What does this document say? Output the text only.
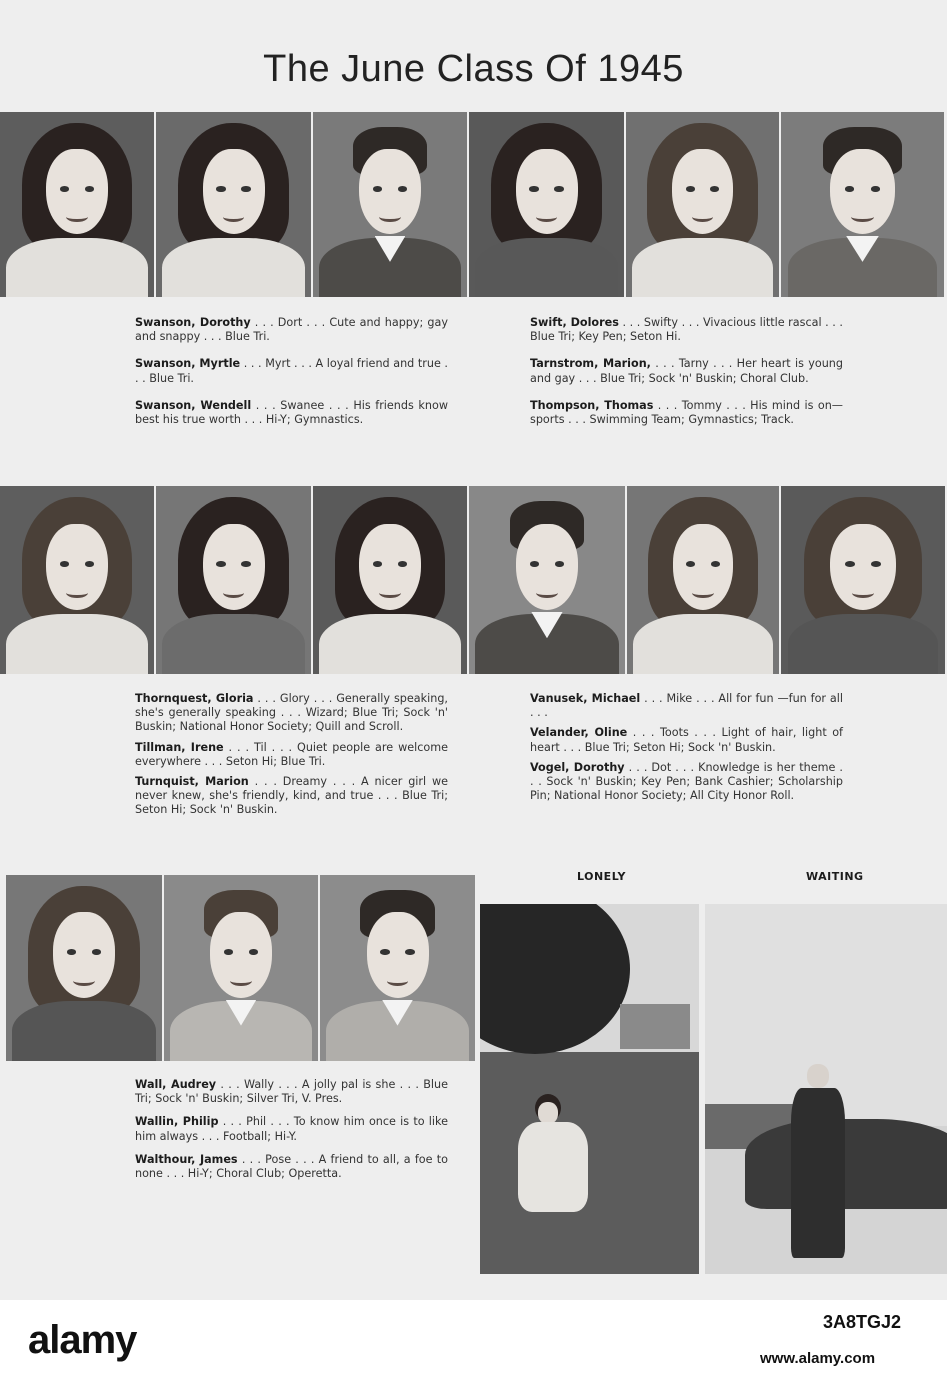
The June Class Of 1945
Swanson, Dorothy . . . Dort . . . Cute and happy; gay and snappy . . . Blue Tri.
Swanson, Myrtle . . . Myrt . . . A loyal friend and true . . . Blue Tri.
Swanson, Wendell . . . Swanee . . . His friends know best his true worth . . . Hi-Y; Gymnastics.
Swift, Dolores . . . Swifty . . . Vivacious little rascal . . . Blue Tri; Key Pen; Seton Hi.
Tarnstrom, Marion, . . . Tarny . . . Her heart is young and gay . . . Blue Tri; Sock 'n' Buskin; Choral Club.
Thompson, Thomas . . . Tommy . . . His mind is on—sports . . . Swimming Team; Gymnastics; Track.
Thornquest, Gloria . . . Glory . . . Generally speaking, she's generally speaking . . . Wizard; Blue Tri; Sock 'n' Buskin; National Honor Society; Quill and Scroll.
Tillman, Irene . . . Til . . . Quiet people are welcome everywhere . . . Seton Hi; Blue Tri.
Turnquist, Marion . . . Dreamy . . . A nicer girl we never knew, she's friendly, kind, and true . . . Blue Tri; Seton Hi; Sock 'n' Buskin.
Vanusek, Michael . . . Mike . . . All for fun —fun for all . . .
Velander, Oline . . . Toots . . . Light of hair, light of heart . . . Blue Tri; Seton Hi; Sock 'n' Buskin.
Vogel, Dorothy . . . Dot . . . Knowledge is her theme . . . Sock 'n' Buskin; Key Pen; Bank Cashier; Scholarship Pin; National Honor Society; All City Honor Roll.
Wall, Audrey . . . Wally . . . A jolly pal is she . . . Blue Tri; Sock 'n' Buskin; Silver Tri, V. Pres.
Wallin, Philip . . . Phil . . . To know him once is to like him always . . . Football; Hi-Y.
Walthour, James . . . Pose . . . A friend to all, a foe to none . . . Hi-Y; Choral Club; Operetta.
LONELY	WAITING
alamy	3A8TGJ2
www.alamy.com
